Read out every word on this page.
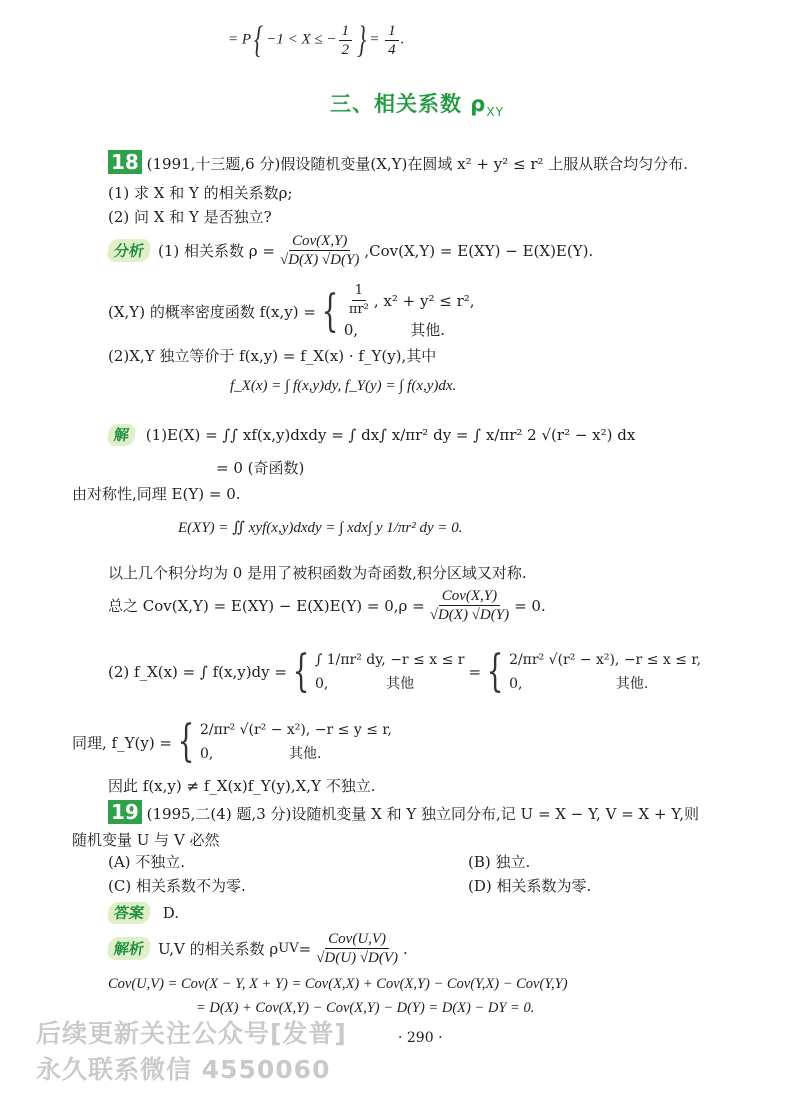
= P{ −1 < X ≤ − $\frac{1}{2}$ } = $\frac{1}{4}$ .
三、相关系数 $\rho_{XY}$
18 (1991,十三题,6 分)假设随机变量(X,Y)在圆域 x² + y² ≤ r² 上服从联合均匀分布.
(1) 求 X 和 Y 的相关系数ρ;
(2) 问 X 和 Y 是否独立?
分析 (1) 相关系数 $\rho = \frac{\text{Cov(X,Y)}}{√D(X) √D(Y)} ,Cov(X,Y) = E(XY) - E(X)E(Y)$.
(X,Y) 的概率密度函数 f(x,y) = { $\frac{1}{\text{πr²}}$ , x² + y² ≤ r²,
0,	其他.
(2)X,Y 独立等价于 f(x,y) = f_X(x) · f_Y(y),其中
f_X(x) = ∫ f(x,y)dy, f_Y(y) = ∫ f(x,y)dx.
解 (1)E(X) = ∫∫ xf(x,y)dxdy = ∫ dx∫ x/πr² dy = ∫ x/πr² 2 √(r² − x²) dx
= 0 (奇函数)
由对称性,同理 E(Y) = 0.
E(XY) = ∬ xyf(x,y)dxdy = ∫ xdx∫ y 1/πr² dy = 0.
以上几个积分均为 0 是用了被积函数为奇函数,积分区域又对称.
总之 $Cov(X,Y) = E(XY) - E(X)E(Y) = 0,\rho = \frac{\text{Cov(X,Y)}}{√D(X) √D(Y)} = 0$.
(2) f_X(x) = ∫ f(x,y)dy = { ∫ 1/πr² dy, −r ≤ x ≤ r
0,             其他
= { 2/πr² √(r² − x²), −r ≤ x ≤ r,
0,                     其他.
同理, f_Y(y) = { 2/πr² √(r² − x²), −r ≤ y ≤ r,
0,                 其他.
因此 f(x,y) ≠ f_X(x)f_Y(y),X,Y 不独立.
19 (1995,二(4) 题,3 分)设随机变量 X 和 Y 独立同分布,记 U = X − Y, V = X + Y,则
随机变量 U 与 V 必然
(A) 不独立.	(B) 独立.
(C) 相关系数不为零.	(D) 相关系数为零.
答案 D.
解析 U,V 的相关系数 ρ UV = $\frac{\text{Cov(U,V)}}{√D(U) √D(V)}$ .
Cov(U,V) = Cov(X − Y, X + Y) = Cov(X,X) + Cov(X,Y) − Cov(Y,X) − Cov(Y,Y)
= D(X) + Cov(X,Y) − Cov(X,Y) − D(Y) = D(X) − DY = 0.
· 290 ·
后续更新关注公众号[发普]
永久联系微信 4550060
